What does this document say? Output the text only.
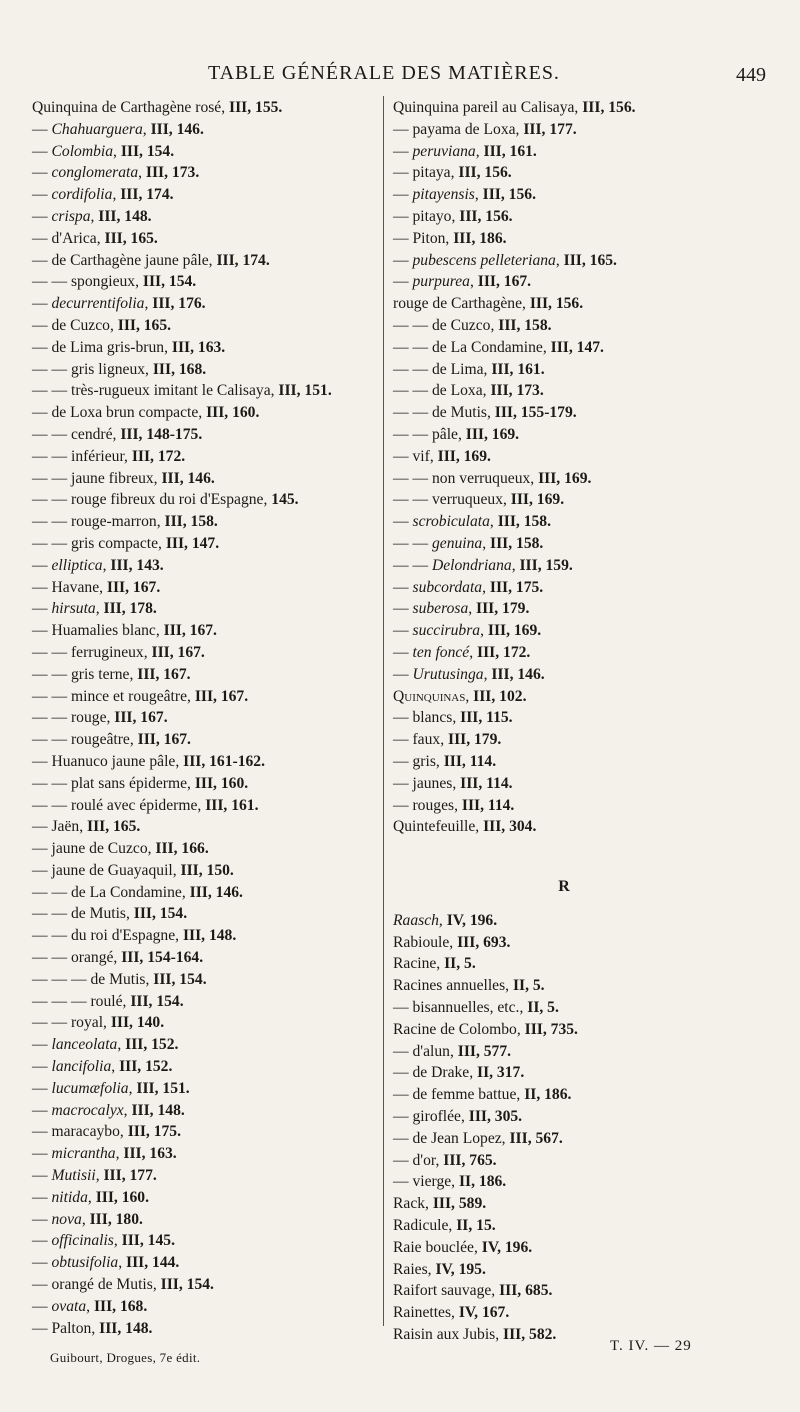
TABLE GÉNÉRALE DES MATIÈRES.	449
Quinquina de Carthagène rosé, III, 155.
— Chahuarguera, III, 146.
— Colombia, III, 154.
— conglomerata, III, 173.
— cordifolia, III, 174.
— crispa, III, 148.
— d'Arica, III, 165.
— de Carthagène jaune pâle, III, 174.
— — spongieux, III, 154.
— decurrentifolia, III, 176.
— de Cuzco, III, 165.
— de Lima gris-brun, III, 163.
— — gris ligneux, III, 168.
— — très-rugueux imitant le Calisaya, III, 151.
— de Loxa brun compacte, III, 160.
— — cendré, III, 148-175.
— — inférieur, III, 172.
— — jaune fibreux, III, 146.
— — rouge fibreux du roi d'Espagne, 145.
— — rouge-marron, III, 158.
— — gris compacte, III, 147.
— elliptica, III, 143.
— Havane, III, 167.
— hirsuta, III, 178.
— Huamalies blanc, III, 167.
— — ferrugineux, III, 167.
— — gris terne, III, 167.
— — mince et rougeâtre, III, 167.
— — rouge, III, 167.
— — rougeâtre, III, 167.
— Huanuco jaune pâle, III, 161-162.
— — plat sans épiderme, III, 160.
— — roulé avec épiderme, III, 161.
— Jaën, III, 165.
— jaune de Cuzco, III, 166.
— jaune de Guayaquil, III, 150.
— — de La Condamine, III, 146.
— — de Mutis, III, 154.
— — du roi d'Espagne, III, 148.
— — orangé, III, 154-164.
— — — de Mutis, III, 154.
— — — roulé, III, 154.
— — royal, III, 140.
— lanceolata, III, 152.
— lancifolia, III, 152.
— lucumæfolia, III, 151.
— macrocalyx, III, 148.
— maracaybo, III, 175.
— micrantha, III, 163.
— Mutisii, III, 177.
— nitida, III, 160.
— nova, III, 180.
— officinalis, III, 145.
— obtusifolia, III, 144.
— orangé de Mutis, III, 154.
— ovata, III, 168.
— Palton, III, 148.
Quinquina pareil au Calisaya, III, 156.
— payama de Loxa, III, 177.
— peruviana, III, 161.
— pitaya, III, 156.
— pitayensis, III, 156.
— pitayo, III, 156.
— Piton, III, 186.
— pubescens pelleteriana, III, 165.
— purpurea, III, 167.
rouge de Carthagène, III, 156.
— — de Cuzco, III, 158.
— — de La Condamine, III, 147.
— — de Lima, III, 161.
— — de Loxa, III, 173.
— — de Mutis, III, 155-179.
— — pâle, III, 169.
— vif, III, 169.
— — non verruqueux, III, 169.
— — verruqueux, III, 169.
— scrobiculata, III, 158.
— — genuina, III, 158.
— — Delondriana, III, 159.
— subcordata, III, 175.
— suberosa, III, 179.
— succirubra, III, 169.
— ten foncé, III, 172.
— Urutusinga, III, 146.
Quinquinas, III, 102.
— blancs, III, 115.
— faux, III, 179.
— gris, III, 114.
— jaunes, III, 114.
— rouges, III, 114.
Quintefeuille, III, 304.
R
Raasch, IV, 196.
Rabioule, III, 693.
Racine, II, 5.
Racines annuelles, II, 5.
— bisannuelles, etc., II, 5.
Racine de Colombo, III, 735.
— d'alun, III, 577.
— de Drake, II, 317.
— de femme battue, II, 186.
— giroflée, III, 305.
— de Jean Lopez, III, 567.
— d'or, III, 765.
— vierge, II, 186.
Rack, III, 589.
Radicule, II, 15.
Raie bouclée, IV, 196.
Raies, IV, 195.
Raifort sauvage, III, 685.
Rainettes, IV, 167.
Raisin aux Jubis, III, 582.
Guibourt, Drogues, 7e édit.
T. IV. — 29
